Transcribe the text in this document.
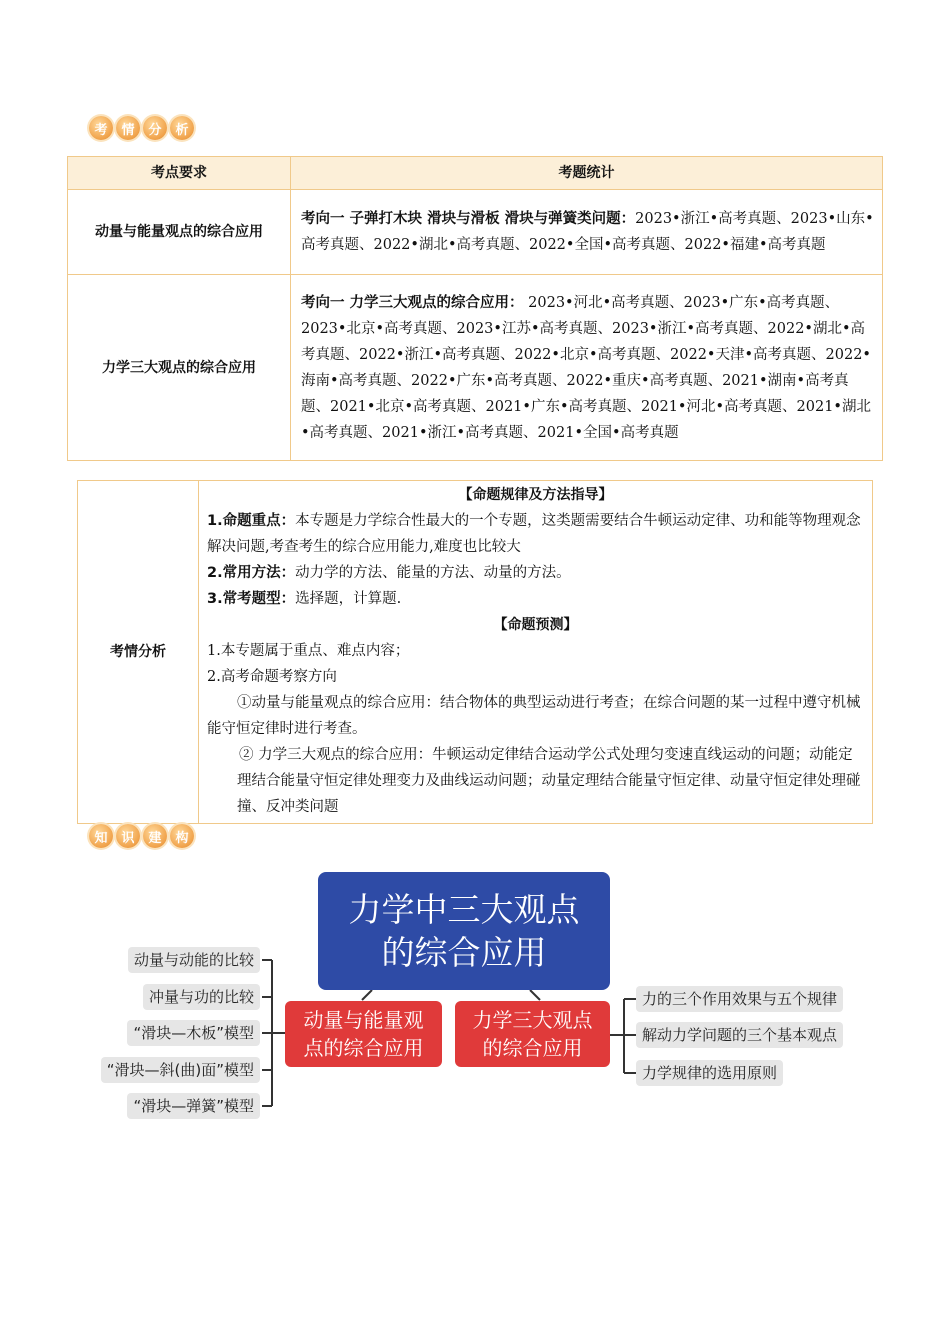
考	情	分	析
考点要求	考题统计
动量与能量观点的综合应用	考向一 子弹打木块 滑块与滑板 滑块与弹簧类问题：2023•浙江•高考真题、2023•山东•高考真题、2022•湖北•高考真题、2022•全国•高考真题、2022•福建•高考真题
力学三大观点的综合应用	考向一 力学三大观点的综合应用： 2023•河北•高考真题、2023•广东•高考真题、2023•北京•高考真题、2023•江苏•高考真题、2023•浙江•高考真题、2022•湖北•高考真题、2022•浙江•高考真题、2022•北京•高考真题、2022•天津•高考真题、2022•海南•高考真题、2022•广东•高考真题、2022•重庆•高考真题、2021•湖南•高考真题、2021•北京•高考真题、2021•广东•高考真题、2021•河北•高考真题、2021•湖北•高考真题、2021•浙江•高考真题、2021•全国•高考真题
考情分析	
【命题规律及方法指导】
1.命题重点：本专题是力学综合性最大的一个专题，这类题需要结合牛顿运动定律、功和能等物理观念解决问题,考查考生的综合应用能力,难度也比较大
2.常用方法：动力学的方法、能量的方法、动量的方法。
3.常考题型：选择题，计算题.
【命题预测】
1.本专题属于重点、难点内容；
2.高考命题考察方向
①动量与能量观点的综合应用：结合物体的典型运动进行考查；在综合问题的某一过程中遵守机械能守恒定律时进行考查。
② 力学三大观点的综合应用：牛顿运动定律结合运动学公式处理匀变速直线运动的问题；动能定理结合能量守恒定律处理变力及曲线运动问题；动量定理结合能量守恒定律、动量守恒定律处理碰撞、反冲类问题
知	识	建	构
力学中三大观点
的综合应用
动量与能量观
点的综合应用
力学三大观点
的综合应用
动量与动能的比较
冲量与功的比较
“滑块—木板”模型
“滑块—斜(曲)面”模型
“滑块—弹簧”模型
力的三个作用效果与五个规律
解动力学问题的三个基本观点
力学规律的选用原则
